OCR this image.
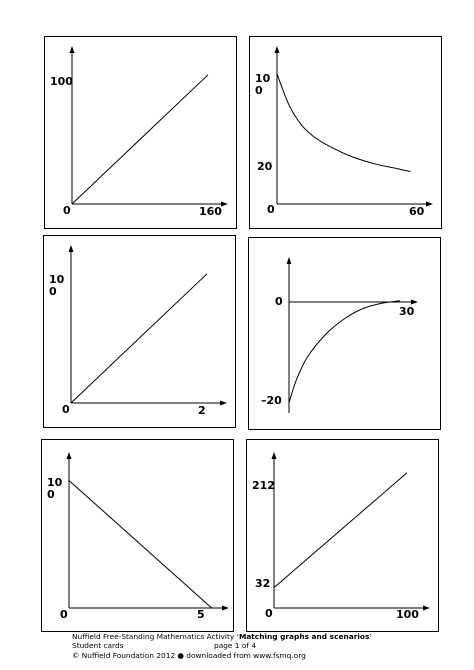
100
0	160
10
0
20
0	60
10
0
0	2
0
30
–20
10
0
0	5
212
32
0	100
Nuffield Free-Standing Mathematics Activity ‘Matching graphs and scenarios’
Student cards	page 1 of 4
© Nuffield Foundation 2012 ● downloaded from www.fsmq.org
